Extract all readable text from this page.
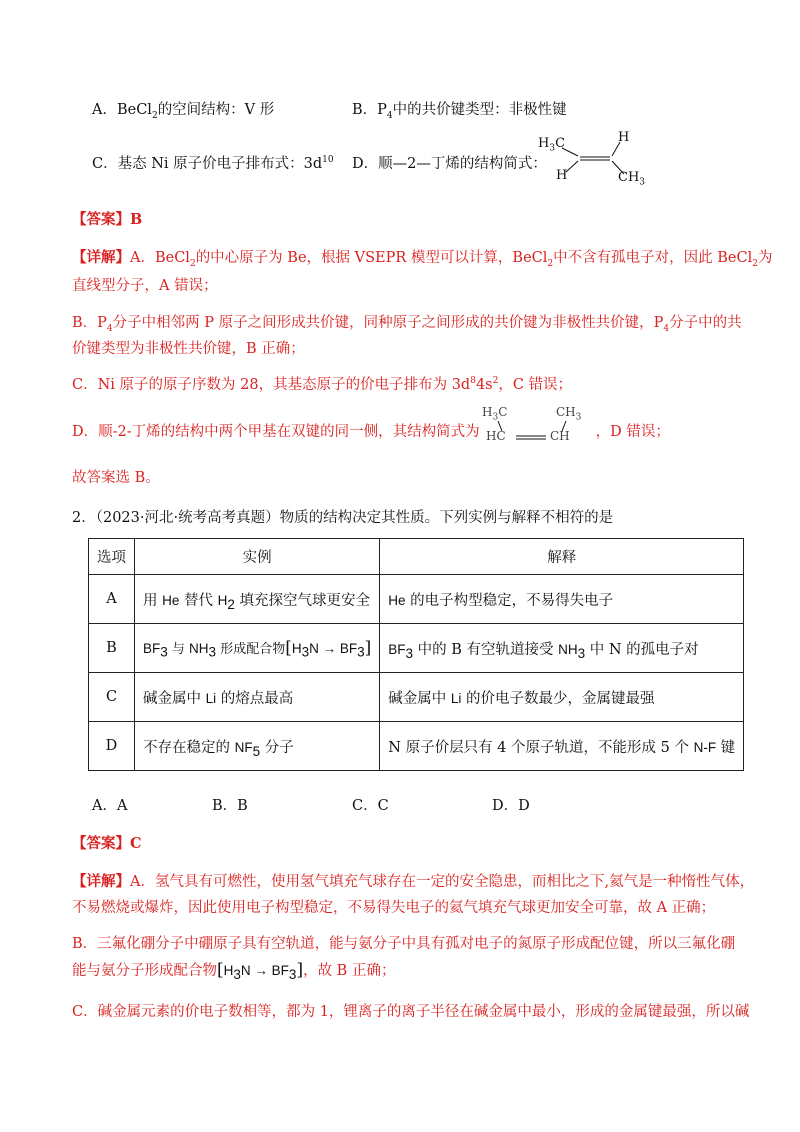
A．BeCl$_2$的空间结构：V 形	B．$P_4$中的共价键类型：非极性键
C．基态 Ni 原子价电子排布式：$3d^{10}$ D．顺—2—丁烯的结构简式：
$H_3C$	H
H	$CH_3$
【答案】B
【详解】A．BeCl$_2$的中心原子为 Be，根据 VSEPR 模型可以计算，BeCl$_2$中不含有孤电子对，因此 BeCl$_2$为
直线型分子，A 错误；
B．$P_4$分子中相邻两 P 原子之间形成共价键，同种原子之间形成的共价键为非极性共价键，$P_4$分子中的共
价键类型为非极性共价键，B 正确；
C．Ni 原子的原子序数为 28，其基态原子的价电子排布为 $3d^84s^2$，C 错误；
D．顺-2-丁烯的结构中两个甲基在双键的同一侧，其结构简式为	，D 错误；
$H_3C$	$CH_3$
HC	CH
故答案选 B。
2．（2023·河北·统考高考真题）物质的结构决定其性质。下列实例与解释不相符的是
选项	实例	解释
A	用 He 替代 $H_2$ 填充探空气球更安全	He 的电子构型稳定，不易得失电子
B	$BF_3$ 与 $NH_3$ 形成配合物$[H_3N \to BF_3]$	$BF_3$ 中的 B 有空轨道接受 $NH_3$ 中 N 的孤电子对
C	碱金属中 Li 的熔点最高	碱金属中 Li 的价电子数最少，金属键最强
D	不存在稳定的 $NF_5$ 分子	N 原子价层只有 4 个原子轨道，不能形成 5 个 N-F 键
A．A	B．B	C．C	D．D
【答案】C
【详解】A．氢气具有可燃性，使用氢气填充气球存在一定的安全隐患，而相比之下,氦气是一种惰性气体，
不易燃烧或爆炸，因此使用电子构型稳定，不易得失电子的氦气填充气球更加安全可靠，故 A 正确；
B．三氟化硼分子中硼原子具有空轨道，能与氨分子中具有孤对电子的氮原子形成配位键，所以三氟化硼
能与氨分子形成配合物$[H_3N \to BF_3]$，故 B 正确；
C．碱金属元素的价电子数相等，都为 1，锂离子的离子半径在碱金属中最小，形成的金属键最强，所以碱
